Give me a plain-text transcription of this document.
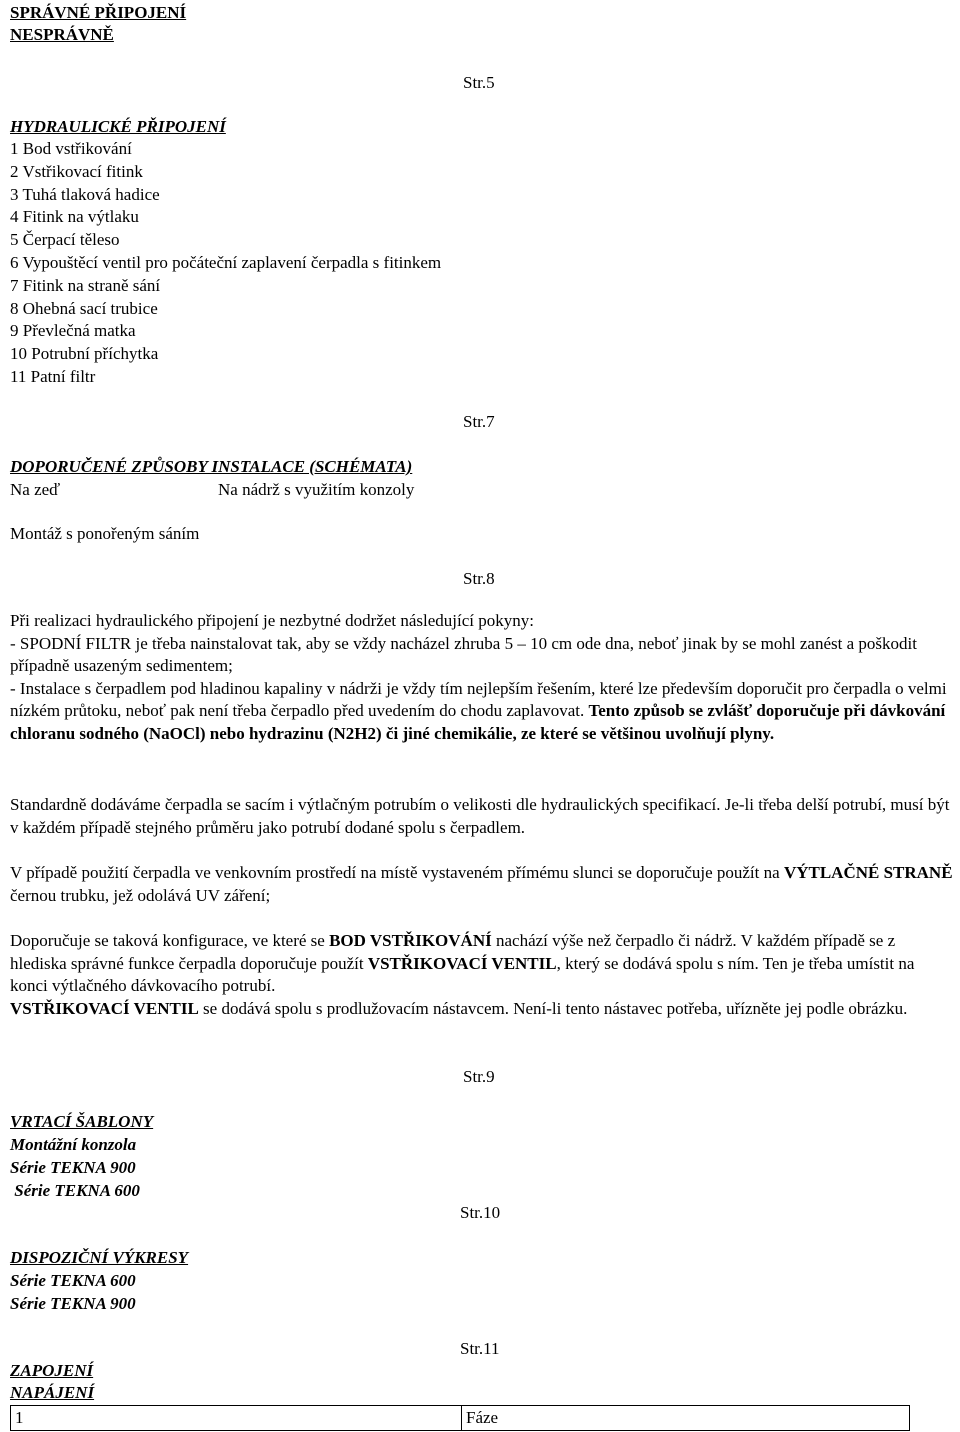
SPRÁVNÉ PŘIPOJENÍ
NESPRÁVNĚ
Str.5
HYDRAULICKÉ PŘIPOJENÍ
1 Bod vstřikování
2 Vstřikovací fitink
3 Tuhá tlaková hadice
4 Fitink na výtlaku
5 Čerpací těleso
6 Vypouštěcí ventil pro počáteční zaplavení čerpadla s fitinkem
7 Fitink na straně sání
8 Ohebná sací trubice
9 Převlečná matka
10 Potrubní příchytka
11 Patní filtr
Str.7
DOPORUČENÉ ZPŮSOBY INSTALACE (SCHÉMATA)
Na zeď	Na nádrž s využitím konzoly
Montáž s ponořeným sáním
Str.8

Při realizaci hydraulického připojení je nezbytné dodržet následující pokyny:
- SPODNÍ FILTR je třeba nainstalovat tak, aby se vždy nacházel zhruba 5 – 10 cm ode dna, neboť jinak by se mohl zanést a poškodit případně usazeným sedimentem;
- Instalace s čerpadlem pod hladinou kapaliny v nádrži je vždy tím nejlepším řešením, které lze především doporučit pro čerpadla o velmi nízkém průtoku, neboť pak není třeba čerpadlo před uvedením do chodu zaplavovat. Tento způsob se zvlášť doporučuje při dávkování chloranu sodného (NaOCl) nebo hydrazinu (N2H2) či jiné chemikálie, ze které se většinou uvolňují plyny.

Standardně dodáváme čerpadla se sacím i výtlačným potrubím o velikosti dle hydraulických specifikací. Je-li třeba delší potrubí, musí být v každém případě stejného průměru jako potrubí dodané spolu s čerpadlem.

V případě použití čerpadla ve venkovním prostředí na místě vystaveném přímému slunci se doporučuje použít na VÝTLAČNÉ STRANĚ černou trubku, jež odolává UV záření;

Doporučuje se taková konfigurace, ve které se BOD VSTŘIKOVÁNÍ nachází výše než čerpadlo či nádrž. V každém případě se z hlediska správné funkce čerpadla doporučuje použít VSTŘIKOVACÍ VENTIL, který se dodává spolu s ním. Ten je třeba umístit na konci výtlačného dávkovacího potrubí.
VSTŘIKOVACÍ VENTIL se dodává spolu s prodlužovacím nástavcem. Není-li tento nástavec potřeba, uřízněte jej podle obrázku.

Str.9
VRTACÍ ŠABLONY
Montážní konzola
Série TEKNA 900
Série TEKNA 600
Str.10
DISPOZIČNÍ VÝKRESY
Série TEKNA 600
Série TEKNA 900
Str.11
ZAPOJENÍ
NAPÁJENÍ
1	Fáze
